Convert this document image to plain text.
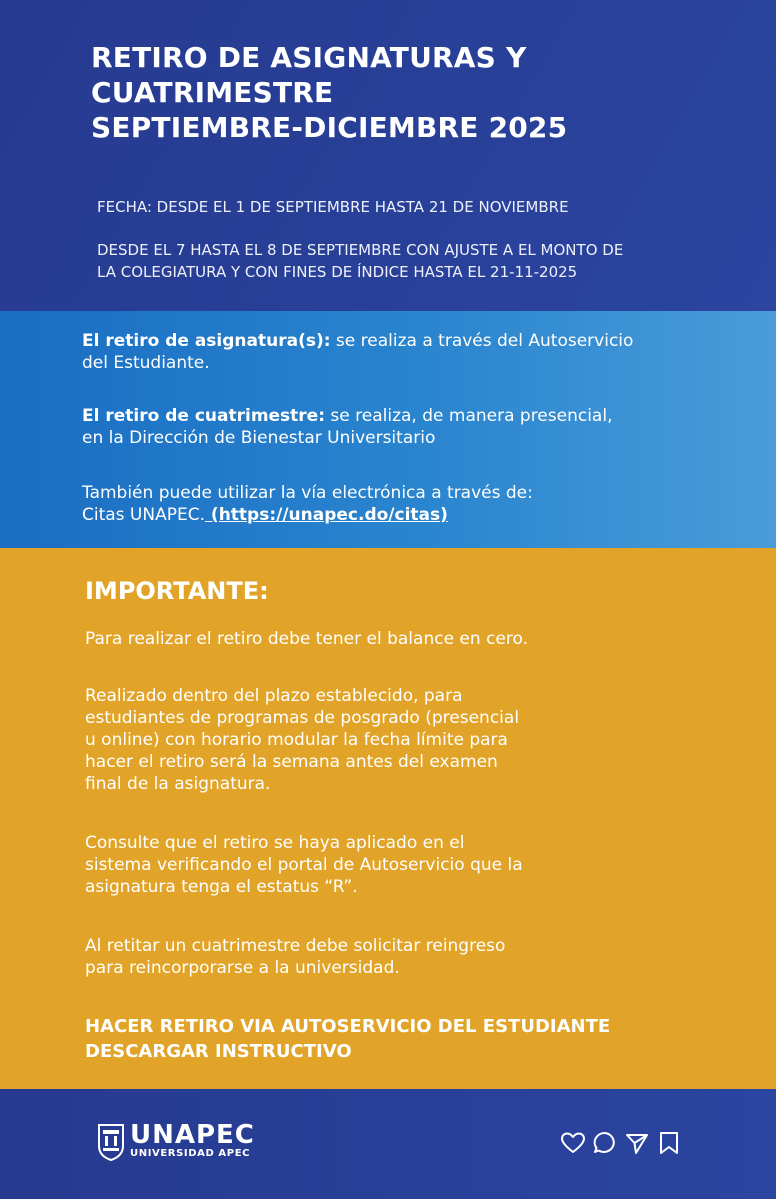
RETIRO DE ASIGNATURAS Y
CUATRIMESTRE
SEPTIEMBRE-DICIEMBRE 2025
FECHA: DESDE EL 1 DE SEPTIEMBRE HASTA 21 DE NOVIEMBRE
DESDE EL 7 HASTA EL 8 DE SEPTIEMBRE CON AJUSTE A EL MONTO DE
LA COLEGIATURA Y CON FINES DE ÍNDICE HASTA EL 21-11-2025

El retiro de asignatura(s): se realiza a través del Autoservicio
del Estudiante.
El retiro de cuatrimestre: se realiza, de manera presencial,
en la Dirección de Bienestar Universitario
También puede utilizar la vía electrónica a través de:
Citas UNAPEC. (https://unapec.do/citas)
IMPORTANTE:
Para realizar el retiro debe tener el balance en cero.
Realizado dentro del plazo establecido, para
estudiantes de programas de posgrado (presencial
u online) con horario modular la fecha límite para
hacer el retiro será la semana antes del examen
final de la asignatura.
Consulte que el retiro se haya aplicado en el
sistema verificando el portal de Autoservicio que la
asignatura tenga el estatus “R”.
Al retitar un cuatrimestre debe solicitar reingreso
para reincorporarse a la universidad.
HACER RETIRO VIA AUTOSERVICIO DEL ESTUDIANTE
DESCARGAR INSTRUCTIVO
UNAPEC
UNIVERSIDAD APEC
